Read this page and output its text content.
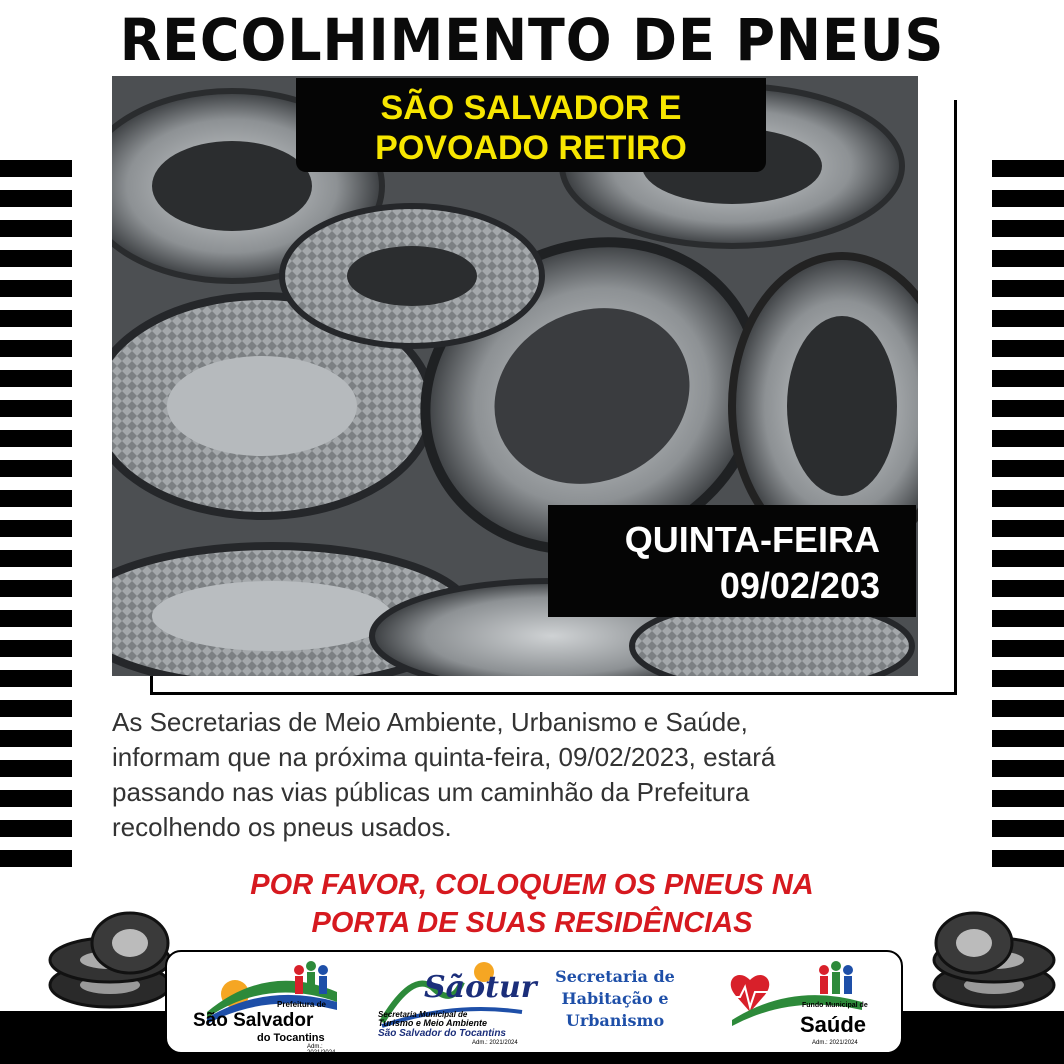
RECOLHIMENTO DE PNEUS
SÃO SALVADOR E
POVOADO RETIRO
QUINTA-FEIRA
09/02/203
As Secretarias de Meio Ambiente, Urbanismo e Saúde,
informam que na próxima quinta-feira, 09/02/2023, estará
passando nas vias públicas um caminhão da Prefeitura
recolhendo os pneus usados.
POR FAVOR, COLOQUEM OS PNEUS NA
PORTA DE SUAS RESIDÊNCIAS
Prefeitura de
São Salvador
do Tocantins
Adm.: 2021/2024
Sãotur
Secretaria Municipal de
Turismo e Meio Ambiente
São Salvador do Tocantins
Adm.: 2021/2024
Secretaria de
Habitação e
Urbanismo
Fundo Municipal de
Saúde
Adm.: 2021/2024
